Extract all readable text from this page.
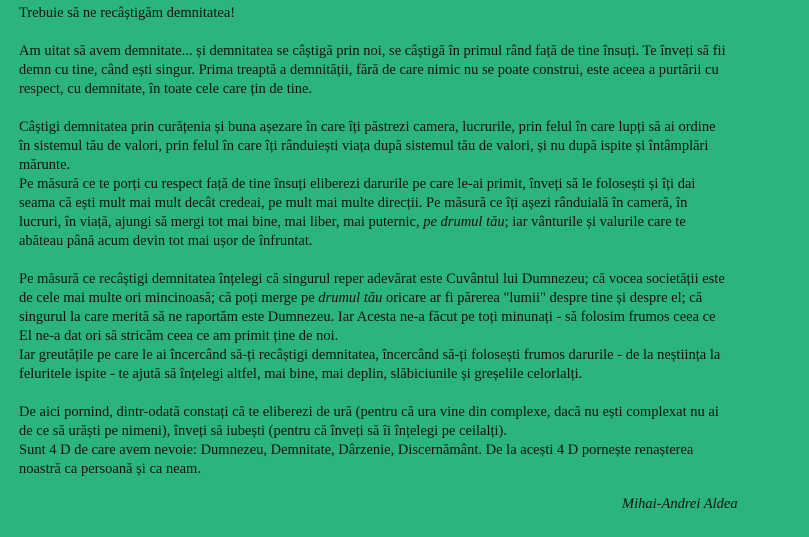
Trebuie să ne recâștigăm demnitatea!
Am uitat să avem demnitate... și demnitatea se câștigă prin noi, se câștigă în primul rând față de tine însuți. Te înveți să fii
demn cu tine, când ești singur. Prima treaptă a demnității, fără de care nimic nu se poate construi, este aceea a purtării cu
respect, cu demnitate, în toate cele care țin de tine.
Câștigi demnitatea prin curățenia și buna așezare în care îți păstrezi camera, lucrurile, prin felul în care lupți să ai ordine
în sistemul tău de valori, prin felul în care îți rânduiești viața după sistemul tău de valori, și nu după ispite și întâmplări
mărunte.
Pe măsură ce te porți cu respect față de tine însuți eliberezi darurile pe care le-ai primit, înveți să le folosești și îți dai
seama că ești mult mai mult decât credeai, pe mult mai multe direcții. Pe măsură ce îți așezi rânduială în cameră, în
lucruri, în viață, ajungi să mergi tot mai bine, mai liber, mai puternic, pe drumul tău; iar vânturile și valurile care te
abăteau până acum devin tot mai ușor de înfruntat.
Pe măsură ce recâștigi demnitatea înțelegi că singurul reper adevărat este Cuvântul lui Dumnezeu; că vocea societății este
de cele mai multe ori mincinoasă; că poți merge pe drumul tău oricare ar fi părerea "lumii" despre tine și despre el; că
singurul la care merită să ne raportăm este Dumnezeu. Iar Acesta ne-a făcut pe toți minunați - să folosim frumos ceea ce
El ne-a dat ori să stricăm ceea ce am primit ține de noi.
Iar greutățile pe care le ai încercând să-ți recâștigi demnitatea, încercând să-ți folosești frumos darurile - de la neștiința la
feluritele ispite - te ajută să înțelegi altfel, mai bine, mai deplin, slăbiciunile și greșelile celorlalți.
De aici pornind, dintr-odată constați că te eliberezi de ură (pentru că ura vine din complexe, dacă nu ești complexat nu ai
de ce să urăști pe nimeni), înveți să iubești (pentru că înveți să îi înțelegi pe ceilalți).
Sunt 4 D de care avem nevoie: Dumnezeu, Demnitate, Dârzenie, Discernământ. De la acești 4 D pornește renașterea
noastră ca persoană și ca neam.
Mihai-Andrei Aldea
